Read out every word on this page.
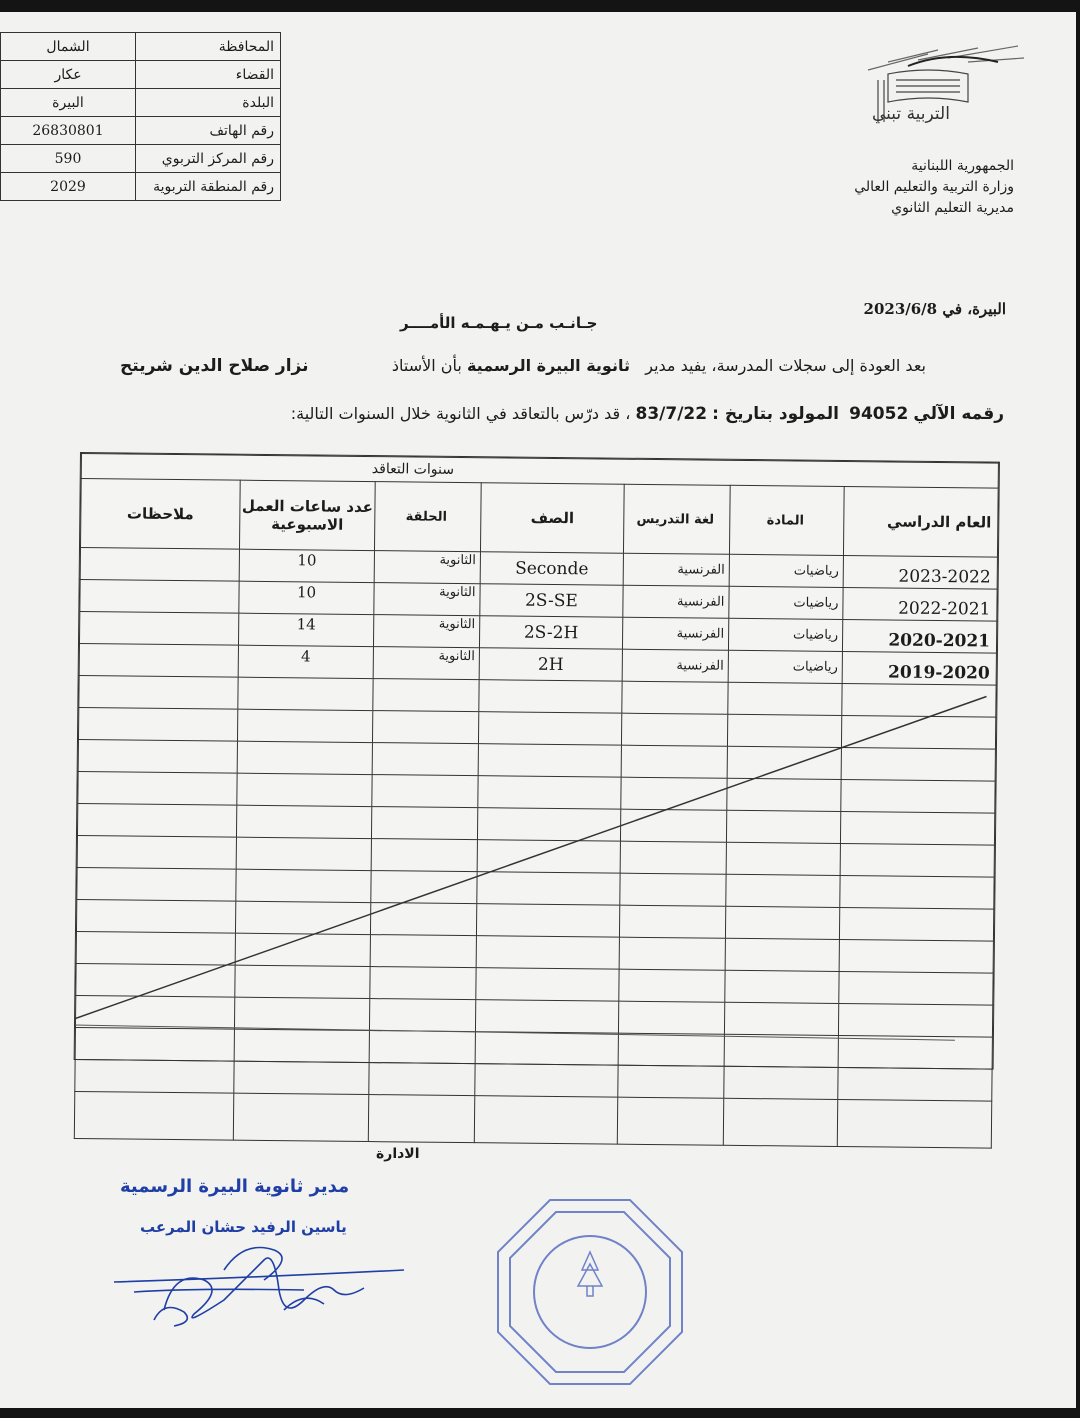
المحافظة	الشمال
القضاء	عكار
البلدة	البيرة
رقم الهاتف	26830801
رقم المركز التربوي	590
رقم المنطقة التربوية	2029
التربية تبني
الجمهورية اللبنانية
وزارة التربية والتعليم العالي
مديرية التعليم الثانوي
البيرة، في 2023/6/8
جـانـب مـن يـهـمـه الأمــــر
نزار صلاح الدين شريتح	بعد العودة إلى سجلات المدرسة، يفيد مدير   ثانوية البيرة الرسمية بأن الأستاذ
رقمه الآلي 94052  المولود بتاريخ : 83/7/22 ، قد درّس بالتعاقد في الثانوية خلال السنوات التالية:
سنوات التعاقد						
العام الدراسي	المادة	لغة التدريس	الصف	الحلقة	عدد ساعات العمل الاسبوعية	ملاحظات
2023-2022	رياضيات	الفرنسية	Seconde	الثانوية	10	
2022-2021	رياضيات	الفرنسية	2S-SE	الثانوية	10	
2020-2021	رياضيات	الفرنسية	2S-2H	الثانوية	14	
2019-2020	رياضيات	الفرنسية	2H	الثانوية	4	

الادارة
مدير ثانوية البيرة الرسمية
ياسين الرفيد حشان المرعب
